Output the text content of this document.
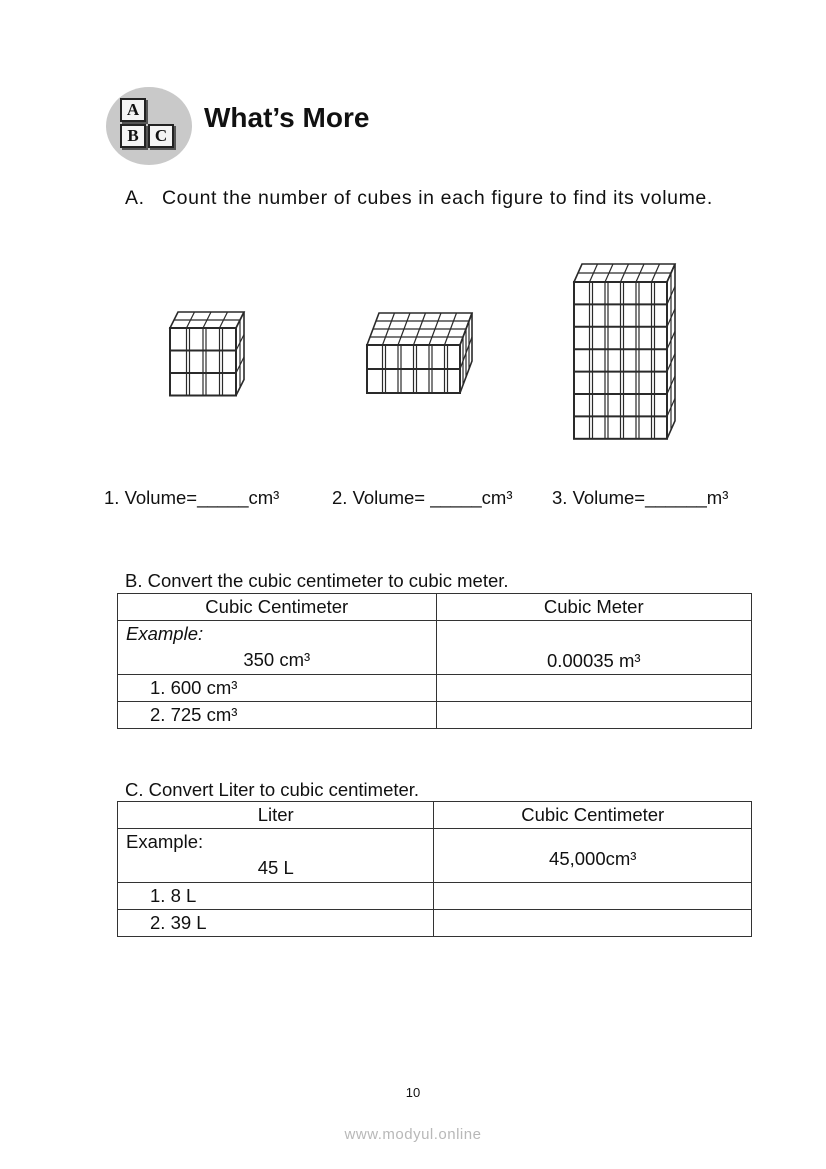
A
B C
What’s More
A. Count the number of cubes in each figure to find its volume.
1. Volume=_____cm³	2. Volume= _____cm³ 3. Volume=______m³
B. Convert the cubic centimeter to cubic meter.
Cubic Centimeter	Cubic Meter

Example:
350 cm³	0.00035 m³
1. 600 cm³	
2. 725 cm³	
C. Convert Liter to cubic centimeter.
Liter	Cubic Centimeter

Example:
45 L	45,000cm³
1. 8 L	
2. 39 L	
10
www.modyul.online
